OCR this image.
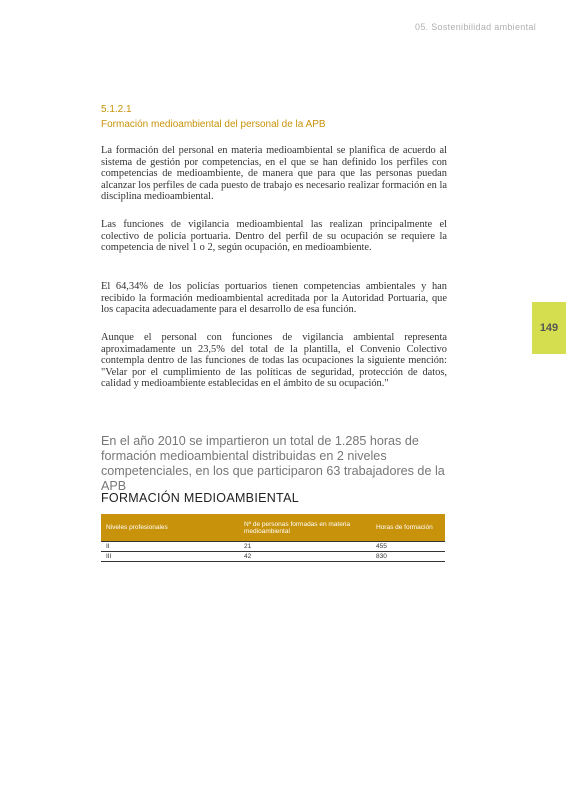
05. Sostenibilidad ambiental
149
5.1.2.1
Formación medioambiental del personal de la APB

La formación del personal en materia medioambiental se planifica de acuerdo al sistema de gestión por competencias, en el que se han definido los perfiles con competencias de medioambiente, de manera que para que las personas puedan alcanzar los perfiles de cada puesto de trabajo es necesario realizar formación en la disciplina medioambiental.

Las funciones de vigilancia medioambiental las realizan principalmente el colectivo de policía portuaria. Dentro del perfil de su ocupación se requiere la competencia de nivel 1 o 2, según ocupación, en medioambiente.

El 64,34% de los policías portuarios tienen competencias ambientales y han recibido la formación medioambiental acreditada por la Autoridad Portuaria, que los capacita adecuadamente para el desarrollo de esa función.

Aunque el personal con funciones de vigilancia ambiental representa aproximadamente un 23,5% del total de la plantilla, el Convenio Colectivo contempla dentro de las funciones de todas las ocupaciones la siguiente mención: "Velar por el cumplimiento de las políticas de seguridad, protección de datos, calidad y medioambiente establecidas en el ámbito de su ocupación."

En el año 2010 se impartieron un total de 1.285 horas de formación medioambiental distribuidas en 2 niveles competenciales, en los que participaron 63 trabajadores de la APB

FORMACIÓN MEDIOAMBIENTAL
Niveles profesionales	Nº de personas formadas en materia medioambiental	Horas de formación
II	21	455
III	42	830
